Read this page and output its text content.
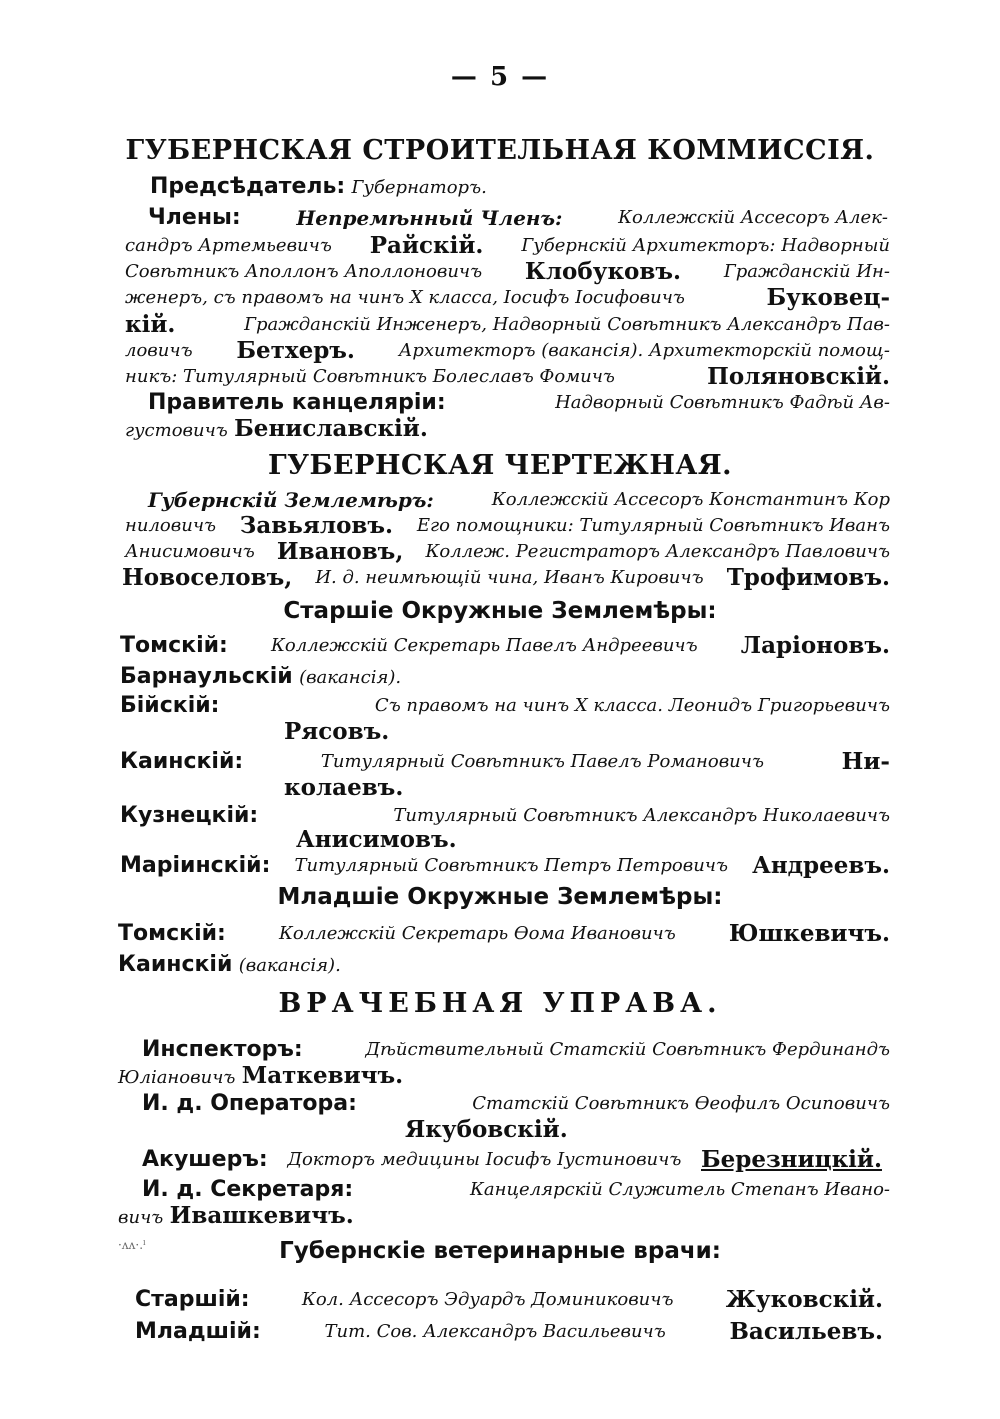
— 5 —
ГУБЕРНСКАЯ СТРОИТЕЛЬНАЯ КОММИССІЯ.
Предсѣдатель: Губернаторъ.
Члены:	Непремѣнный Членъ:	Коллежскій Ассесоръ Алек-
сандръ Артемьевичъ Райскій. Губернскій Архитекторъ: Надворный
Совѣтникъ Аполлонъ Аполлоновичъ Клобуковъ. Гражданскій Ин-
женеръ, съ правомъ на чинъ X класса, Іосифъ Іосифовичъ	Буковец-
кій.	Гражданскій Инженеръ, Надворный Совѣтникъ Александръ Пав-
ловичъ Бетхеръ. Архитекторъ (вакансія). Архитекторскій помощ-
никъ: Титулярный Совѣтникъ Болеславъ Фомичъ	Поляновскій.
Правитель канцеляріи:	Надворный Совѣтникъ Фадѣй Ав-
густовичъ Бениславскій.
ГУБЕРНСКАЯ ЧЕРТЕЖНАЯ.
Губернскій Землемѣръ:	Коллежскій Ассесоръ Константинъ Кор
ниловичъ Завьяловъ. Его помощники: Титулярный Совѣтникъ Иванъ
Анисимовичъ Ивановъ, Коллеж. Регистраторъ Александръ Павловичъ
Новоселовъ, И. д. неимѣющій чина, Иванъ Кировичъ Трофимовъ.
Старшіе Окружные Землемѣры:
Томскій: Коллежскій Секретарь Павелъ Андреевичъ Ларіоновъ.
Барнаульскій (вакансія).
Бійскій:	Съ правомъ на чинъ X класса. Леонидъ Григорьевичъ
Рясовъ.
Каинскій:	Титулярный Совѣтникъ Павелъ Романовичъ	Ни-
колаевъ.
Кузнецкій:	Титулярный Совѣтникъ Александръ Николаевичъ
Анисимовъ.
Маріинскій: Титулярный Совѣтникъ Петръ Петровичъ Андреевъ.
Младшіе Окружные Землемѣры:
Томскій:	Коллежскій Секретарь Ѳома Ивановичъ Юшкевичъ.
Каинскій (вакансія).
ВРАЧЕБНАЯ УПРАВА.
Инспекторъ:	Дѣйствительный Статскій Совѣтникъ Фердинандъ
Юліановичъ Маткевичъ.
И. д. Оператора:	Статскій Совѣтникъ Ѳеофилъ Осиповичъ
Якубовскій.
Акушеръ: Докторъ медицины Іосифъ Іустиновичъ Березницкій.
И. д. Секретаря:	Канцелярскій Служитель Степанъ Ивано-
вичъ Ивашкевичъ.
·ʌʌ·.ˡ	Губернскіе ветеринарные врачи:
Старшій:	Кол. Ассесоръ Эдуардъ Доминиковичъ Жуковскій.
Младшій:	Тит. Сов. Александръ Васильевичъ	Васильевъ.
